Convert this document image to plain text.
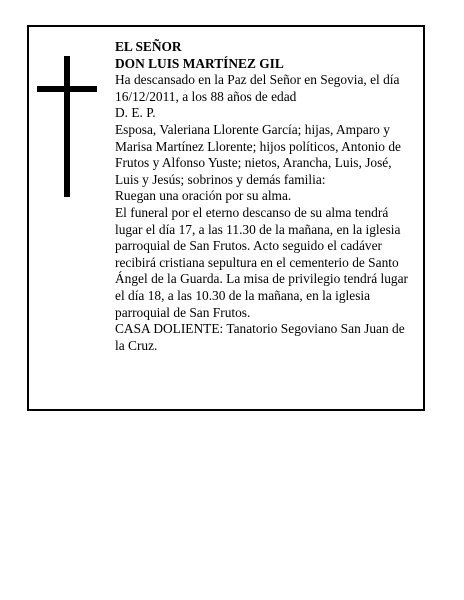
EL SEÑOR
DON LUIS MARTÍNEZ GIL
Ha descansado en la Paz del Señor en Segovia, el día
16/12/2011, a los 88 años de edad
D. E. P.
Esposa, Valeriana Llorente García; hijas, Amparo y
Marisa Martínez Llorente; hijos políticos, Antonio de
Frutos y Alfonso Yuste; nietos, Arancha, Luis, José,
Luis y Jesús; sobrinos y demás familia:
Ruegan una oración por su alma.
El funeral por el eterno descanso de su alma tendrá
lugar el día 17, a las 11.30 de la mañana, en la iglesia
parroquial de San Frutos. Acto seguido el cadáver
recibirá cristiana sepultura en el cementerio de Santo
Ángel de la Guarda. La misa de privilegio tendrá lugar
el día 18, a las 10.30 de la mañana, en la iglesia
parroquial de San Frutos.
CASA DOLIENTE: Tanatorio Segoviano San Juan de
la Cruz.
